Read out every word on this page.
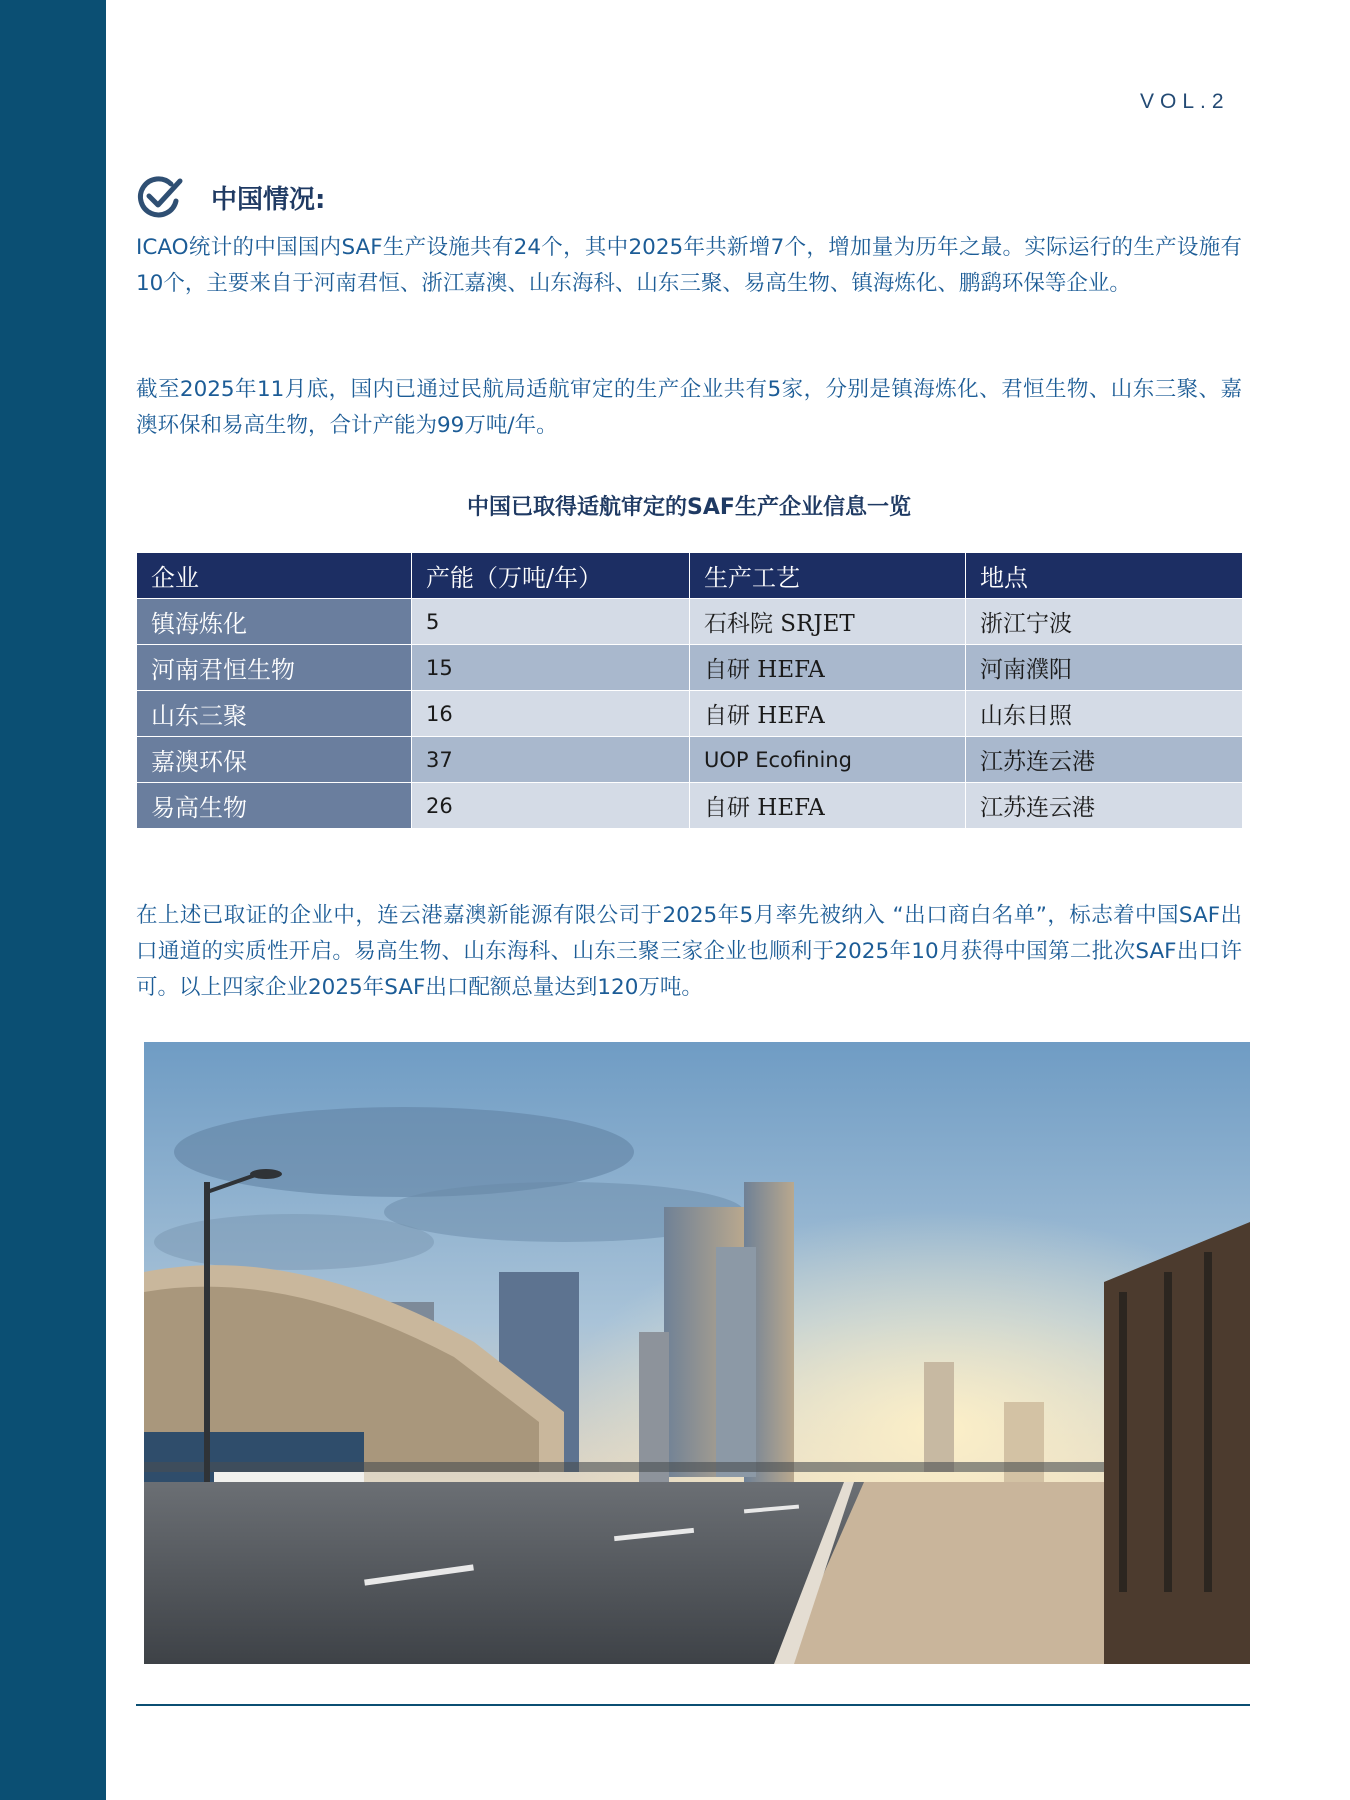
VOL.2
中国情况:

ICAO统计的中国国内SAF生产设施共有24个，其中2025年共新增7个，增加量为历年之最。实际运行的生产设施有10个，主要来自于河南君恒、浙江嘉澳、山东海科、山东三聚、易高生物、镇海炼化、鹏鹞环保等企业。

截至2025年11月底，国内已通过民航局适航审定的生产企业共有5家，分别是镇海炼化、君恒生物、山东三聚、嘉澳环保和易高生物，合计产能为99万吨/年。

中国已取得适航审定的SAF生产企业信息一览
企业	产能（万吨/年）	生产工艺	地点
镇海炼化	5	石科院 SRJET	浙江宁波
河南君恒生物	15	自研 HEFA	河南濮阳
山东三聚	16	自研 HEFA	山东日照
嘉澳环保	37	UOP Ecofining	江苏连云港
易高生物	26	自研 HEFA	江苏连云港

在上述已取证的企业中，连云港嘉澳新能源有限公司于2025年5月率先被纳入 “出口商白名单”，标志着中国SAF出口通道的实质性开启。易高生物、山东海科、山东三聚三家企业也顺利于2025年10月获得中国第二批次SAF出口许可。以上四家企业2025年SAF出口配额总量达到120万吨。
